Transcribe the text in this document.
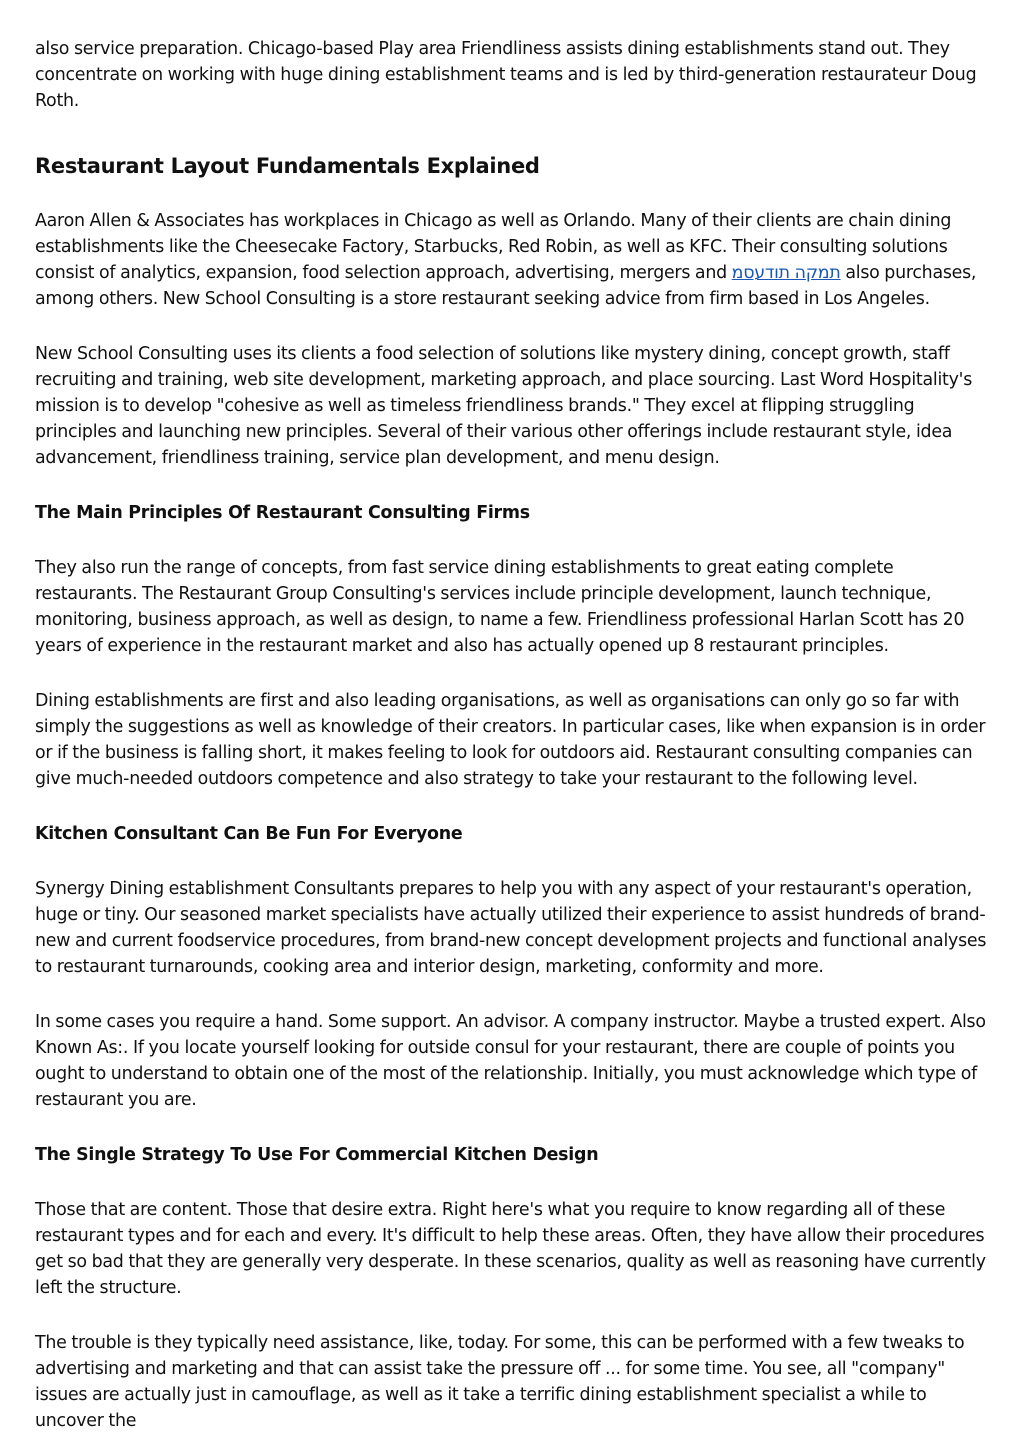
also service preparation. Chicago-based Play area Friendliness assists dining establishments stand out. They concentrate on working with huge dining establishment teams and is led by third-generation restaurateur Doug Roth.

Restaurant Layout Fundamentals Explained

Aaron Allen & Associates has workplaces in Chicago as well as Orlando. Many of their clients are chain dining establishments like the Cheesecake Factory, Starbucks, Red Robin, as well as KFC. Their consulting solutions consist of analytics, expansion, food selection approach, advertising, mergers and תמקה תודעסמ also purchases, among others. New School Consulting is a store restaurant seeking advice from firm based in Los Angeles.

New School Consulting uses its clients a food selection of solutions like mystery dining, concept growth, staff recruiting and training, web site development, marketing approach, and place sourcing. Last Word Hospitality's mission is to develop "cohesive as well as timeless friendliness brands." They excel at flipping struggling principles and launching new principles. Several of their various other offerings include restaurant style, idea advancement, friendliness training, service plan development, and menu design.

The Main Principles Of Restaurant Consulting Firms

They also run the range of concepts, from fast service dining establishments to great eating complete restaurants. The Restaurant Group Consulting's services include principle development, launch technique, monitoring, business approach, as well as design, to name a few. Friendliness professional Harlan Scott has 20 years of experience in the restaurant market and also has actually opened up 8 restaurant principles.

Dining establishments are first and also leading organisations, as well as organisations can only go so far with simply the suggestions as well as knowledge of their creators. In particular cases, like when expansion is in order or if the business is falling short, it makes feeling to look for outdoors aid. Restaurant consulting companies can give much-needed outdoors competence and also strategy to take your restaurant to the following level.

Kitchen Consultant Can Be Fun For Everyone

Synergy Dining establishment Consultants prepares to help you with any aspect of your restaurant's operation, huge or tiny. Our seasoned market specialists have actually utilized their experience to assist hundreds of brand-new and current foodservice procedures, from brand-new concept development projects and functional analyses to restaurant turnarounds, cooking area and interior design, marketing, conformity and more.

In some cases you require a hand. Some support. An advisor. A company instructor. Maybe a trusted expert. Also Known As:. If you locate yourself looking for outside consul for your restaurant, there are couple of points you ought to understand to obtain one of the most of the relationship. Initially, you must acknowledge which type of restaurant you are.

The Single Strategy To Use For Commercial Kitchen Design

Those that are content. Those that desire extra. Right here's what you require to know regarding all of these restaurant types and for each and every. It's difficult to help these areas. Often, they have allow their procedures get so bad that they are generally very desperate. In these scenarios, quality as well as reasoning have currently left the structure.

The trouble is they typically need assistance, like, today. For some, this can be performed with a few tweaks to advertising and marketing and that can assist take the pressure off ... for some time. You see, all "company" issues are actually just in camouflage, as well as it take a terrific dining establishment specialist a while to uncover the
